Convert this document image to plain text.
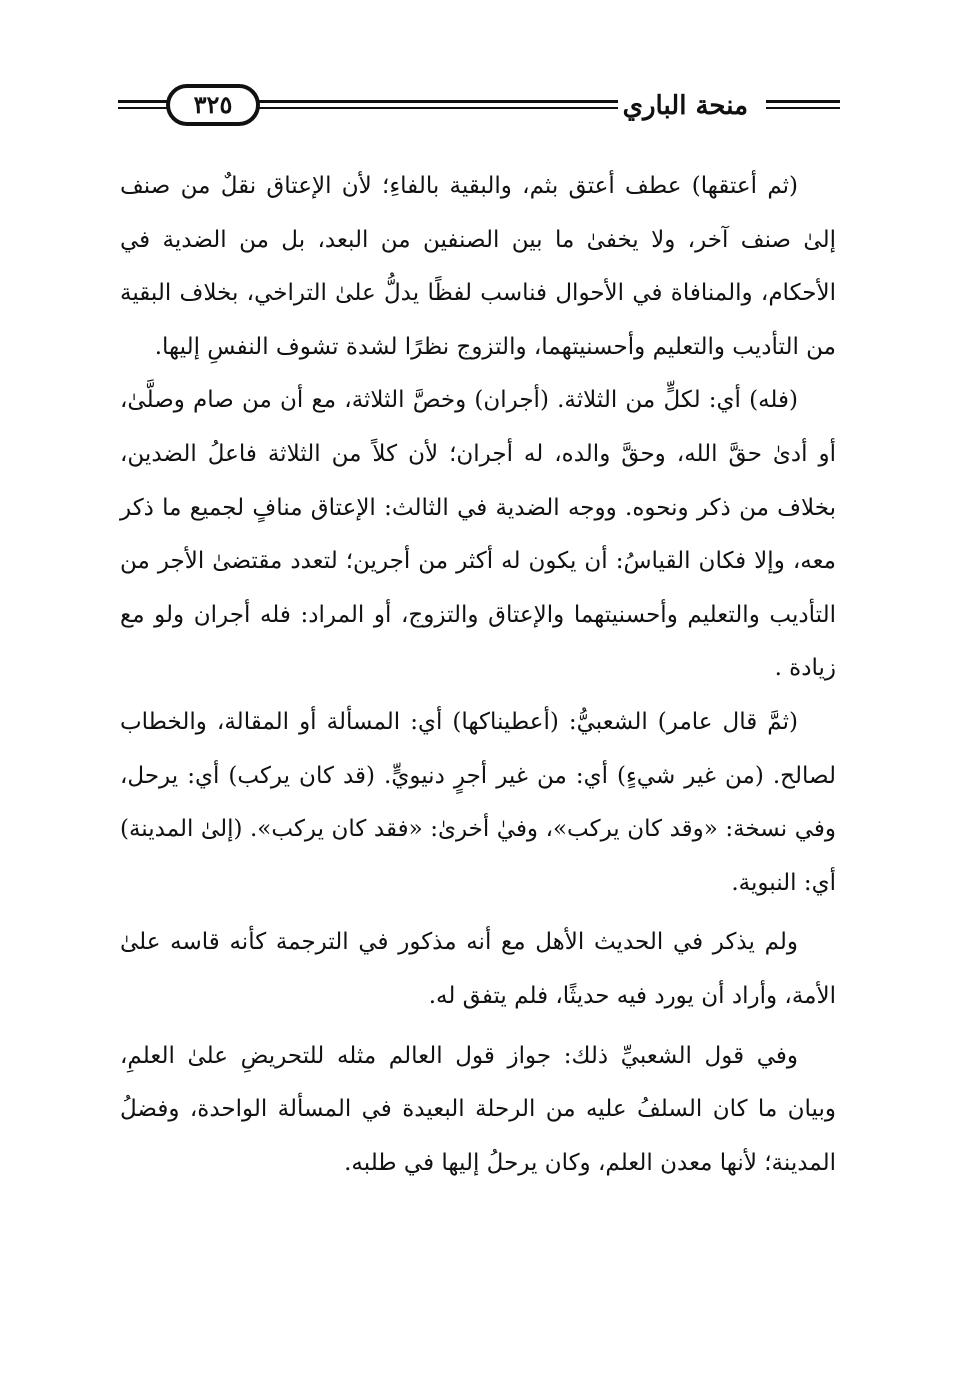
منحة الباري
٣٢٥

(ثم أعتقها) عطف أعتق بثم، والبقية بالفاءِ؛ لأن الإعتاق نقلٌ من صنف إلىٰ صنف آخر، ولا يخفىٰ ما بين الصنفين من البعد، بل من الضدية في الأحكام، والمنافاة في الأحوال فناسب لفظًا يدلُّ علىٰ التراخي، بخلاف البقية من التأديب والتعليم وأحسنيتهما، والتزوج نظرًا لشدة تشوف النفسِ إليها.

(فله) أي: لكلٍّ من الثلاثة. (أجران) وخصَّ الثلاثة، مع أن من صام وصلَّىٰ، أو أدىٰ حقَّ الله، وحقَّ والده، له أجران؛ لأن كلاً من الثلاثة فاعلُ الضدين، بخلاف من ذكر ونحوه. ووجه الضدية في الثالث: الإعتاق منافٍ لجميع ما ذكر معه، وإلا فكان القياسُ: أن يكون له أكثر من أجرين؛ لتعدد مقتضىٰ الأجر من التأديب والتعليم وأحسنيتهما والإعتاق والتزوج، أو المراد: فله أجران ولو مع زيادة .

(ثمَّ قال عامر) الشعبيُّ: (أعطيناكها) أي: المسألة أو المقالة، والخطاب لصالح. (من غير شيءٍ) أي: من غير أجرٍ دنيويٍّ. (قد كان يركب) أي: يرحل، وفي نسخة: «وقد كان يركب»، وفيٰ أخرىٰ: «فقد كان يركب». (إلىٰ المدينة) أي: النبوية.

ولم يذكر في الحديث الأهل مع أنه مذكور في الترجمة كأنه قاسه علىٰ الأمة، وأراد أن يورد فيه حديثًا، فلم يتفق له.

وفي قول الشعبيِّ ذلك: جواز قول العالم مثله للتحريضِ علىٰ العلمِ، وبيان ما كان السلفُ عليه من الرحلة البعيدة في المسألة الواحدة، وفضلُ المدينة؛ لأنها معدن العلم، وكان يرحلُ إليها في طلبه.
